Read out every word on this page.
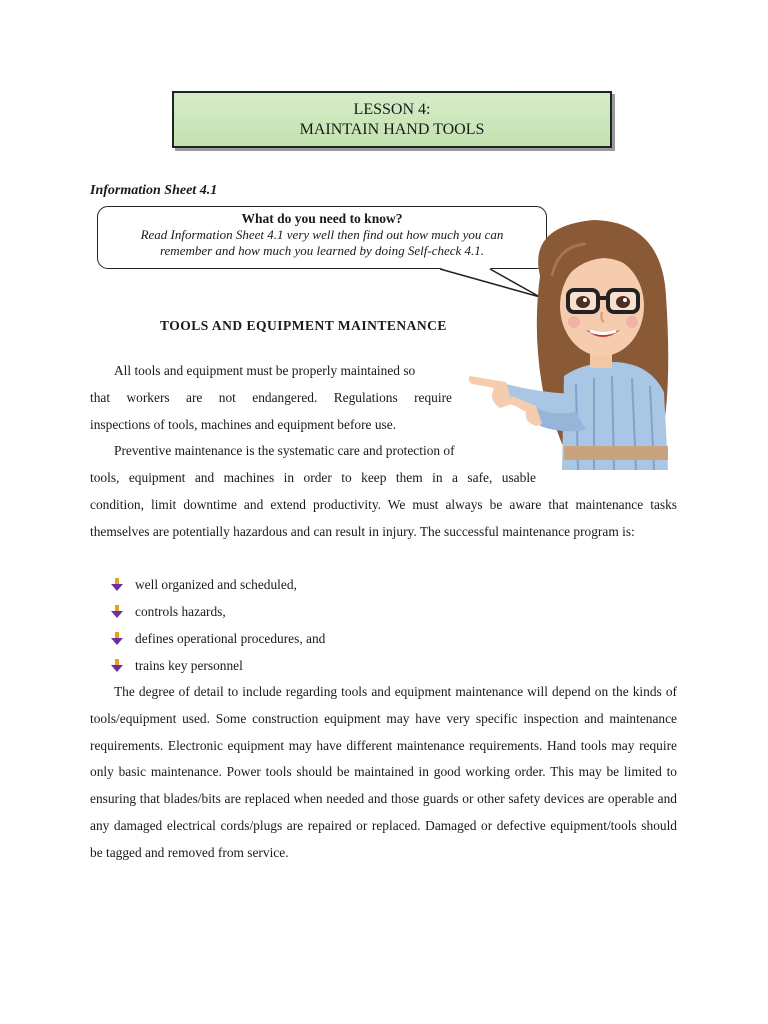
LESSON 4:
MAINTAIN HAND TOOLS
Information Sheet 4.1
What do you need to know?
Read Information Sheet 4.1 very well then find out how much you can
remember and how much you learned by doing Self-check 4.1.
TOOLS AND EQUIPMENT MAINTENANCE
All tools and equipment must be properly maintained so
that workers are not endangered. Regulations require
inspections of tools, machines and equipment before use.
Preventive maintenance is the systematic care and protection of
tools, equipment and machines in order to keep them in a safe, usable
condition, limit downtime and extend productivity. We must always be aware that maintenance tasks themselves are potentially hazardous and can result in injury. The successful maintenance program is:
well organized and scheduled,
controls hazards,
defines operational procedures, and
trains key personnel
The degree of detail to include regarding tools and equipment maintenance will depend on the kinds of tools/equipment used. Some construction equipment may have very specific inspection and maintenance requirements. Electronic equipment may have different maintenance requirements. Hand tools may require only basic maintenance. Power tools should be maintained in good working order. This may be limited to ensuring that blades/bits are replaced when needed and those guards or other safety devices are operable and any damaged electrical cords/plugs are repaired or replaced. Damaged or defective equipment/tools should be tagged and removed from service.
